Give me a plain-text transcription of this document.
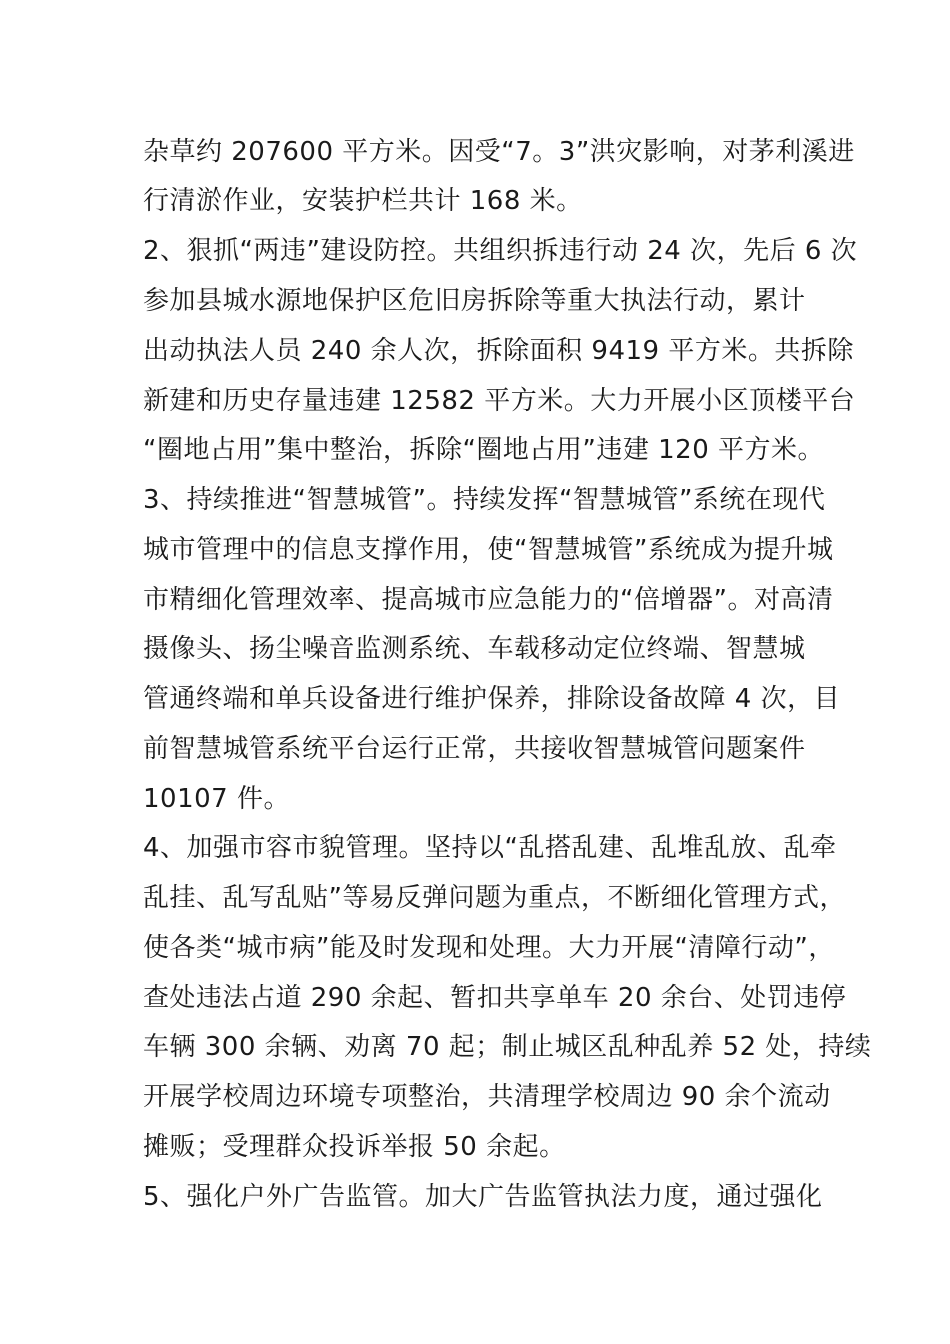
杂草约 207600 平方米。因受“7。3”洪灾影响，对茅利溪进
行清淤作业，安装护栏共计 168 米。
2、狠抓“两违”建设防控。共组织拆违行动 24 次，先后 6 次
参加县城水源地保护区危旧房拆除等重大执法行动，累计
出动执法人员 240 余人次，拆除面积 9419 平方米。共拆除
新建和历史存量违建 12582 平方米。大力开展小区顶楼平台
“圈地占用”集中整治，拆除“圈地占用”违建 120 平方米。
3、持续推进“智慧城管”。持续发挥“智慧城管”系统在现代
城市管理中的信息支撑作用，使“智慧城管”系统成为提升城
市精细化管理效率、提高城市应急能力的“倍增器”。对高清
摄像头、扬尘噪音监测系统、车载移动定位终端、智慧城
管通终端和单兵设备进行维护保养，排除设备故障 4 次，目
前智慧城管系统平台运行正常，共接收智慧城管问题案件
10107 件。
4、加强市容市貌管理。坚持以“乱搭乱建、乱堆乱放、乱牵
乱挂、乱写乱贴”等易反弹问题为重点，不断细化管理方式，
使各类“城市病”能及时发现和处理。大力开展“清障行动”，
查处违法占道 290 余起、暂扣共享单车 20 余台、处罚违停
车辆 300 余辆、劝离 70 起；制止城区乱种乱养 52 处，持续
开展学校周边环境专项整治，共清理学校周边 90 余个流动
摊贩；受理群众投诉举报 50 余起。
5、强化户外广告监管。加大广告监管执法力度，通过强化
